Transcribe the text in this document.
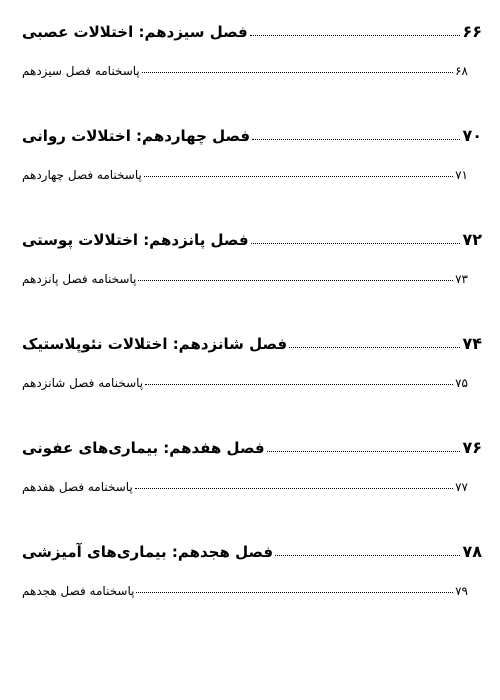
فصل سیزدهم: اختلالات عصبی	۶۶
پاسخنامه فصل سیزدهم	۶۸
فصل چهاردهم: اختلالات روانی	۷۰
پاسخنامه فصل چهاردهم	۷۱
فصل پانزدهم: اختلالات پوستی	۷۲
پاسخنامه فصل پانزدهم	۷۳
فصل شانزدهم: اختلالات نئوپلاستیک	۷۴
پاسخنامه فصل شانزدهم	۷۵
فصل هفدهم: بیماری‌های عفونی	۷۶
پاسخنامه فصل هفدهم	۷۷
فصل هجدهم: بیماری‌های آمیزشی	۷۸
پاسخنامه فصل هجدهم	۷۹
